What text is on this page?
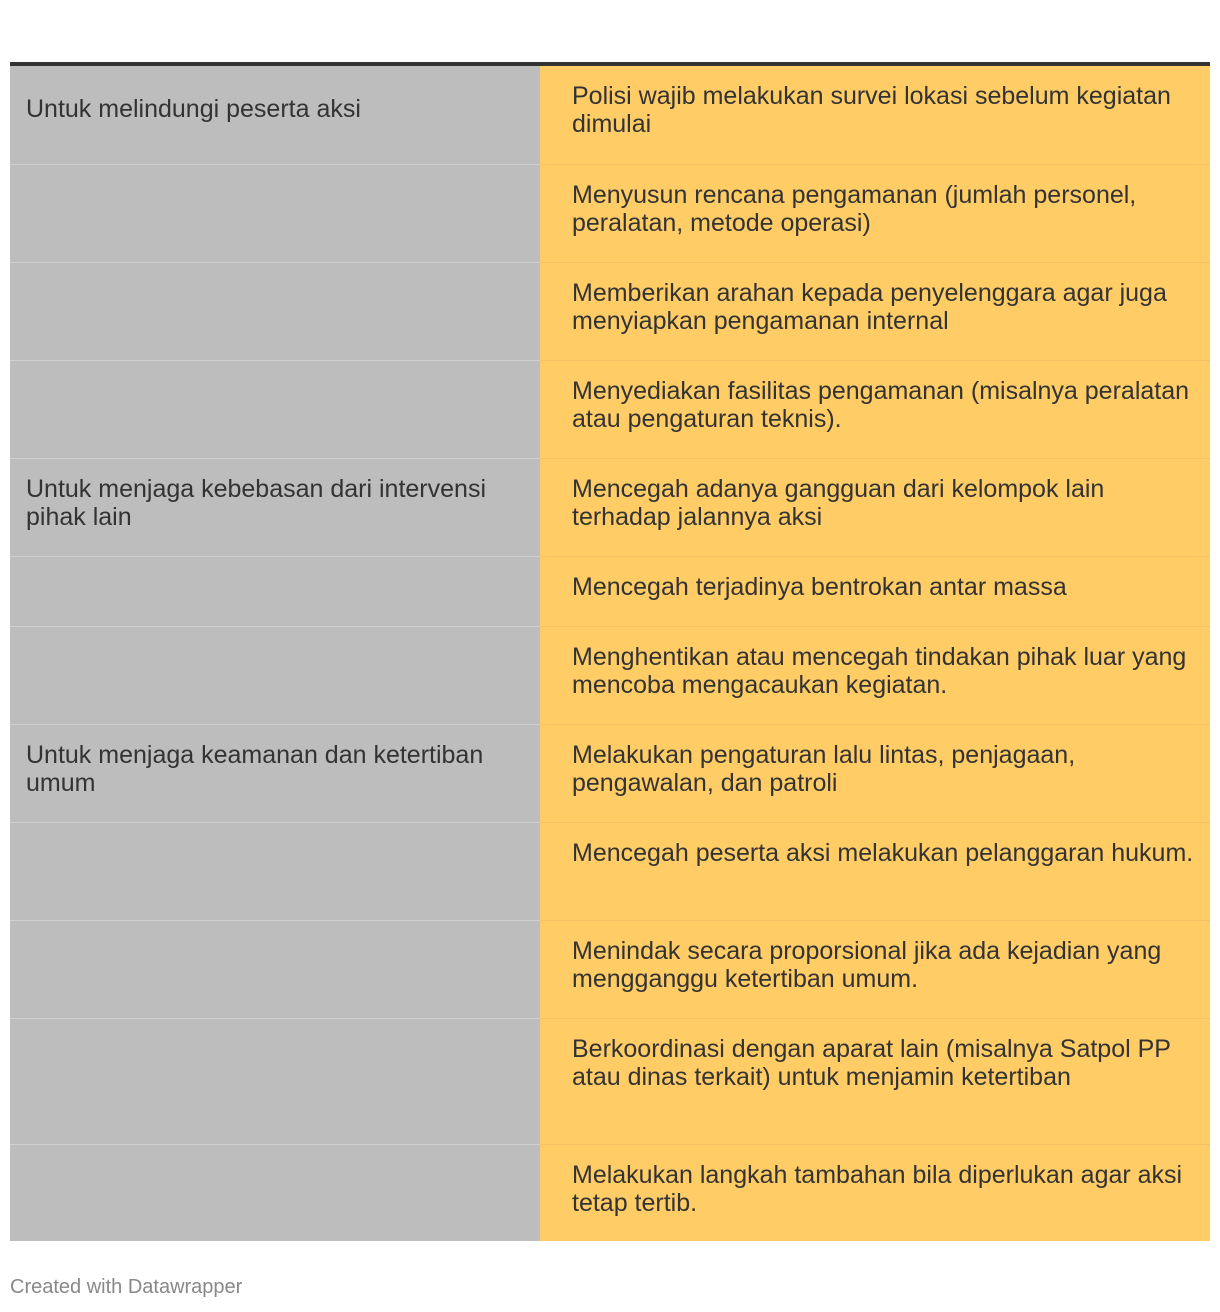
Untuk melindungi peserta aksi	Polisi wajib melakukan survei lokasi sebelum kegiatan dimulai

	Menyusun rencana pengamanan (jumlah personel, peralatan, metode operasi)

	Memberikan arahan kepada penyelenggara agar juga menyiapkan pengamanan internal

	Menyediakan fasilitas pengamanan (misalnya peralatan atau pengaturan teknis).

Untuk menjaga kebebasan dari intervensi pihak lain	Mencegah adanya gangguan dari kelompok lain terhadap jalannya aksi

	Mencegah terjadinya bentrokan antar massa

	Menghentikan atau mencegah tindakan pihak luar yang mencoba mengacaukan kegiatan.

Untuk menjaga keamanan dan ketertiban umum	Melakukan pengaturan lalu lintas, penjagaan, pengawalan, dan patroli

	Mencegah peserta aksi melakukan pelanggaran hukum.

	Menindak secara proporsional jika ada kejadian yang mengganggu ketertiban umum.

	Berkoordinasi dengan aparat lain (misalnya Satpol PP atau dinas terkait) untuk menjamin ketertiban

	Melakukan langkah tambahan bila diperlukan agar aksi tetap tertib.
Created with Datawrapper
